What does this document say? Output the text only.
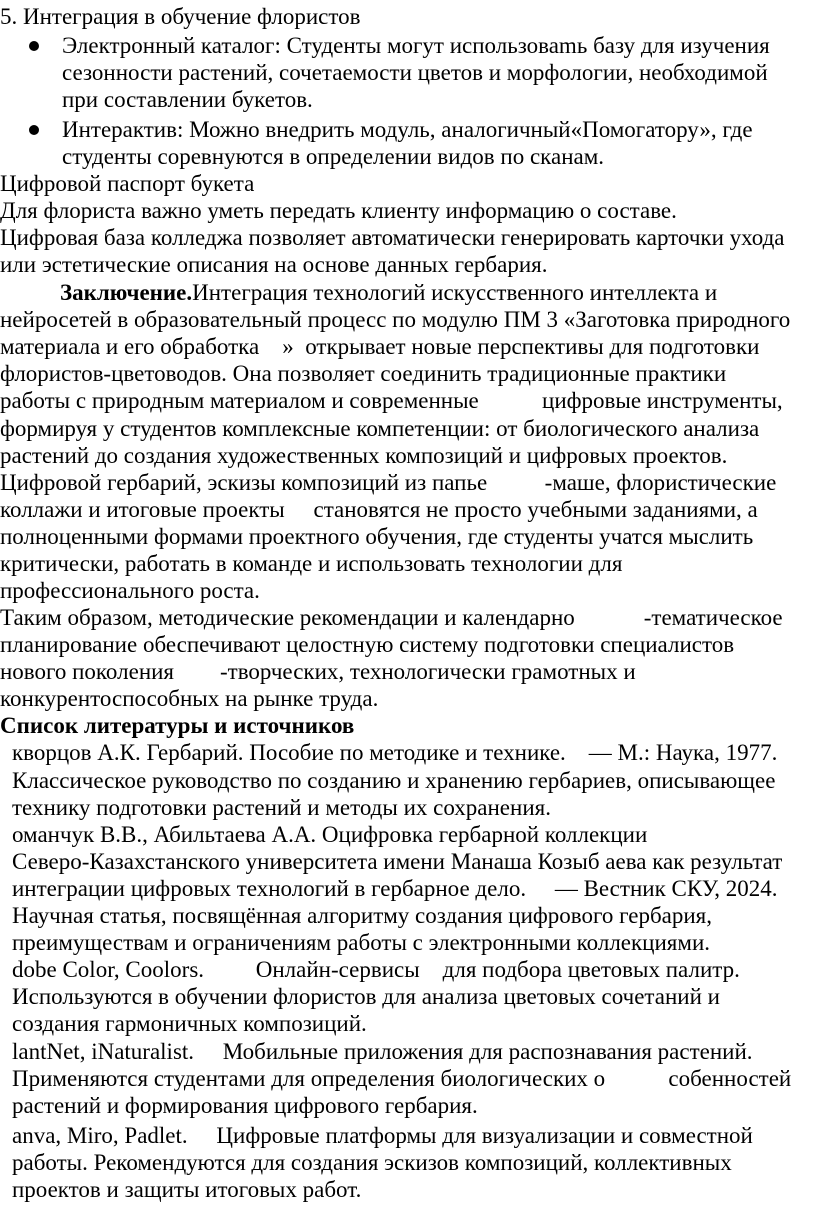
5. Интеграция в обучение флористов
Электронный каталог: Студенты могут использоваmь базу для изучения
сезонности растений, сочетаемости цветов и морфологии, необходимой
при составлении букетов.
Интерактив: Можно внедрить модуль, аналогичный«Помогатору», где
студенты соревнуются в определении видов по сканам.
Цифровой паспорт букета
Для флориста важно уметь передать клиенту информацию о составе.
Цифровая база колледжа позволяет автоматически генерировать карточки ухода
или эстетические описания на основе данных гербария.
Заключение.Интеграция технологий искусственного интеллекта и
нейросетей в образовательный процесс по модулю ПМ 3 «Заготовка природного
материала и его обработка    »  открывает новые перспективы для подготовки
флористов-цветоводов. Она позволяет соединить традиционные практики
работы с природным материалом и современные           цифровые инструменты,
формируя у студентов комплексные компетенции: от биологического анализа
растений до создания художественных композиций и цифровых проектов.
Цифровой гербарий, эскизы композиций из папье          -маше, флористические
коллажи и итоговые проекты     становятся не просто учебными заданиями, а
полноценными формами проектного обучения, где студенты учатся мыслить
критически, работать в команде и использовать технологии для
профессионального роста.
Таким образом, методические рекомендации и календарно            -тематическое
планирование обеспечивают целостную систему подготовки специалистов
нового поколения        -творческих, технологически грамотных и
конкурентоспособных на рынке труда.
Список литературы и источников
кворцов А.К. Гербарий. Пособие по методике и технике.    — М.: Наука, 1977.
Классическое руководство по созданию и хранению гербариев, описывающее
технику подготовки растений и методы их сохранения.
оманчук В.В., Абильтаева А.А. Оцифровка гербарной коллекции
Северо-Казахстанского университета имени Манаша Козыб аева как результат
интеграции цифровых технологий в гербарное дело.     — Вестник СКУ, 2024.
Научная статья, посвящённая алгоритму создания цифрового гербария,
преимуществам и ограничениям работы с электронными коллекциями.
dobe Color, Coolors.         Онлайн-сервисы    для подбора цветовых палитр.
Используются в обучении флористов для анализа цветовых сочетаний и
создания гармоничных композиций.
lantNet, iNaturalist.     Мобильные приложения для распознавания растений.
Применяются студентами для определения биологических о           собенностей
растений и формирования цифрового гербария.
anva, Miro, Padlet.     Цифровые платформы для визуализации и совместной
работы. Рекомендуются для создания эскизов композиций, коллективных
проектов и защиты итоговых работ.
